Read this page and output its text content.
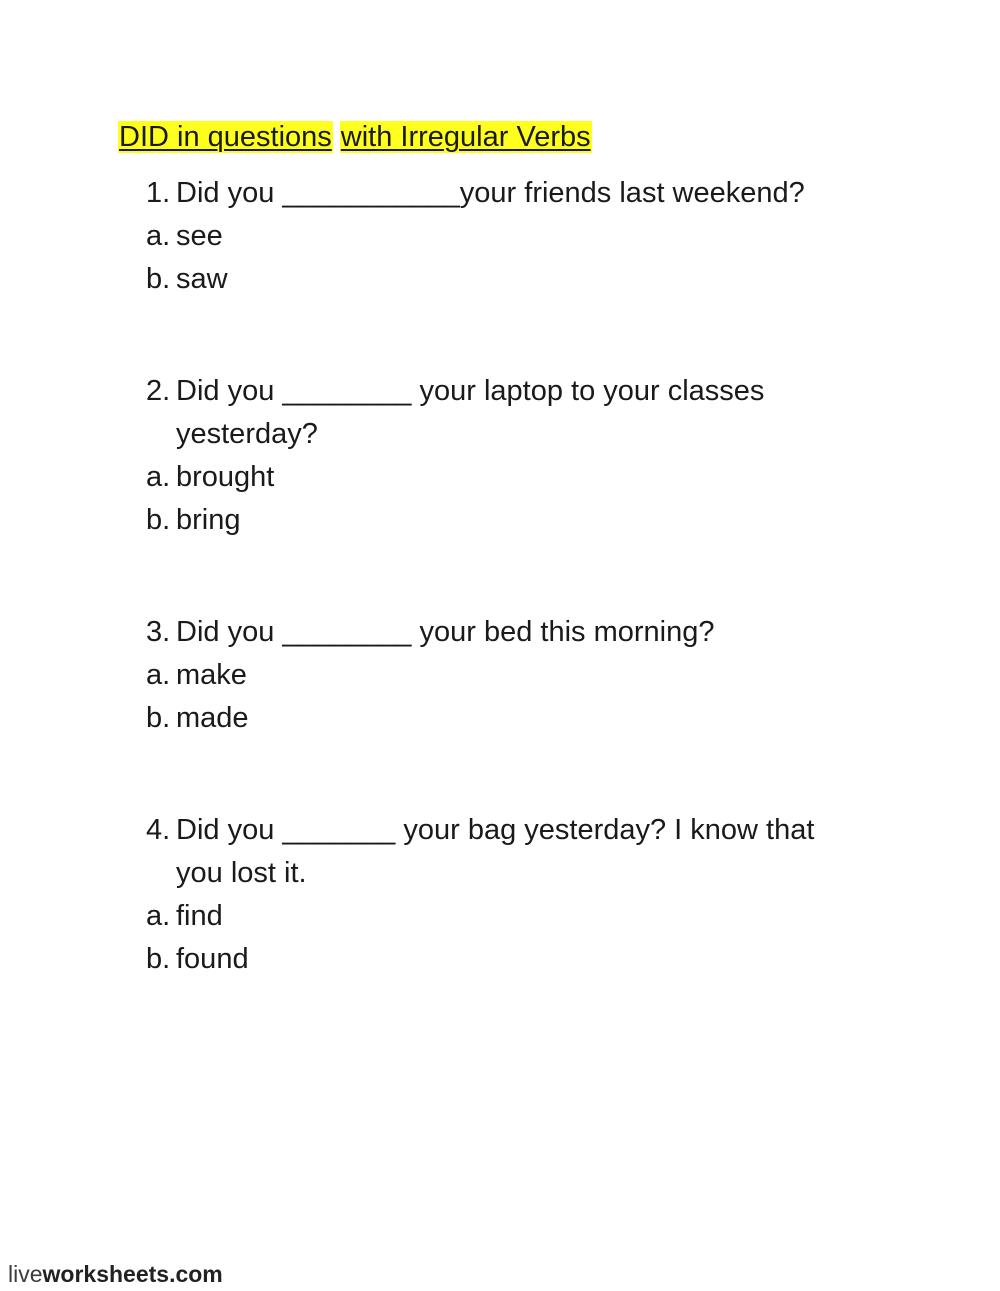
DID in questions with Irregular Verbs
1. Did you ___________your friends last weekend?
a. see
b. saw
2. Did you ________ your laptop to your classes
yesterday?
a. brought
b. bring
3. Did you ________ your bed this morning?
a. make
b. made
4. Did you _______ your bag yesterday? I know that
you lost it.
a. find
b. found
liveworksheets.com
